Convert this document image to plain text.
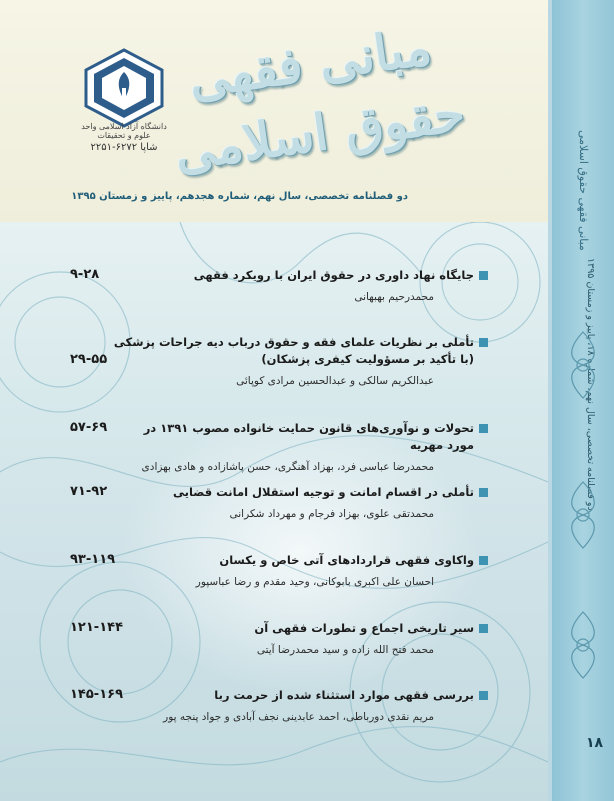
مبانی فقهی حقوق اسلامی
دانشگاه آزاد اسلامی واحد علوم و تحقیقات
شاپا ۶۲۷۲-۲۲۵۱
دو فصلنامه تخصصی، سال نهم، شماره هجدهم، پاییز و زمستان ۱۳۹۵
جایگاه نهاد داوری در حقوق ایران با رویکرد فقهی
محمدرحیم بهبهانی
۹-۲۸
تأملی بر نظریات علمای فقه و حقوق درباب دیه جراحات پزشکی (با تأکید بر مسؤولیت کیفری پزشکان)
عبدالکریم سالکی و عبدالحسین مرادی کوپائی
۲۹-۵۵
تحولات و نوآوری‌های قانون حمایت خانواده مصوب ۱۳۹۱ در مورد مهریه
محمدرضا عباسی فرد، بهزاد آهنگری، حسن پاشازاده و هادی بهزادی
۵۷-۶۹
تأملی در اقسام امانت و توجیه استقلال امانت قضایی
محمدتقی علوی، بهزاد فرجام و مهرداد شکرانی
۷۱-۹۲
واکاوی فقهی قراردادهای آتی خاص و یکسان
احسان علی اکبری بابوکانی، وحید مقدم و رضا عباسپور
۹۳-۱۱۹
سیر تاریخی اجماع و تطورات فقهی آن
محمد فتح الله زاده و سید محمدرضا آیتی
۱۲۱-۱۴۴
بررسی فقهی موارد استثناء شده از حرمت ربا
مریم نقدی دورباطی، احمد عابدینی نجف آبادی و جواد پنجه پور
۱۴۵-۱۶۹
مبانی فقهی حقوق اسلامی
دو فصلنامه تخصصی، سال نهم، شماره ۱۸، پاییز و زمستان ۱۳۹۵
۱۸
